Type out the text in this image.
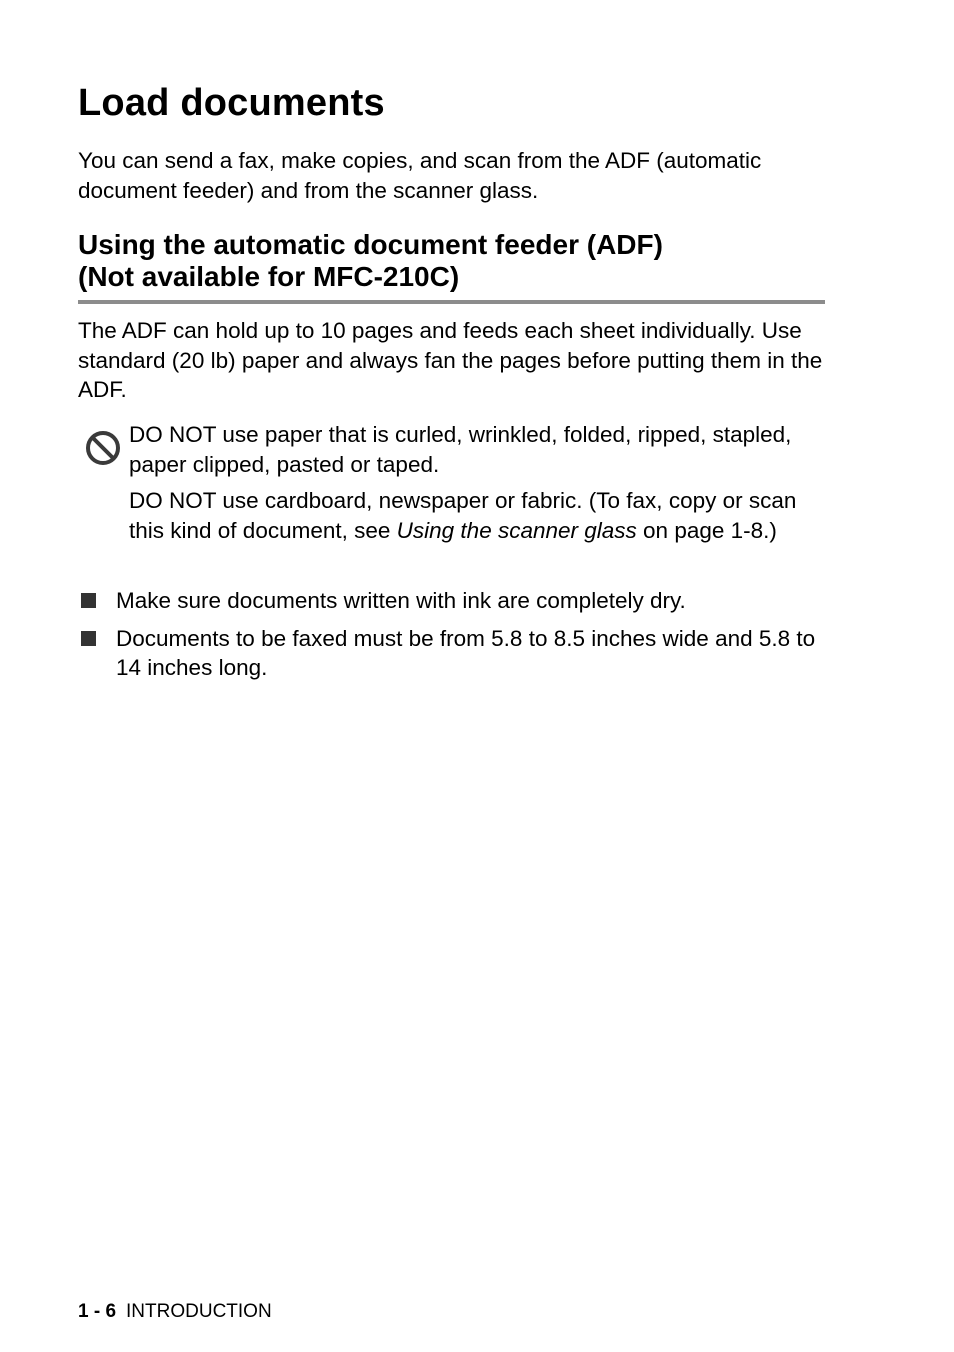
Load documents

You can send a fax, make copies, and scan from the ADF (automatic document feeder) and from the scanner glass.

Using the automatic document feeder (ADF)
(Not available for MFC-210C)

The ADF can hold up to 10 pages and feeds each sheet individually. Use standard (20 lb) paper and always fan the pages before putting them in the ADF.

DO NOT use paper that is curled, wrinkled, folded, ripped, stapled, paper clipped, pasted or taped.

DO NOT use cardboard, newspaper or fabric. (To fax, copy or scan this kind of document, see Using the scanner glass on page 1-8.)

Make sure documents written with ink are completely dry.
Documents to be faxed must be from 5.8 to 8.5 inches wide and 5.8 to 14 inches long.
1 - 6 INTRODUCTION
